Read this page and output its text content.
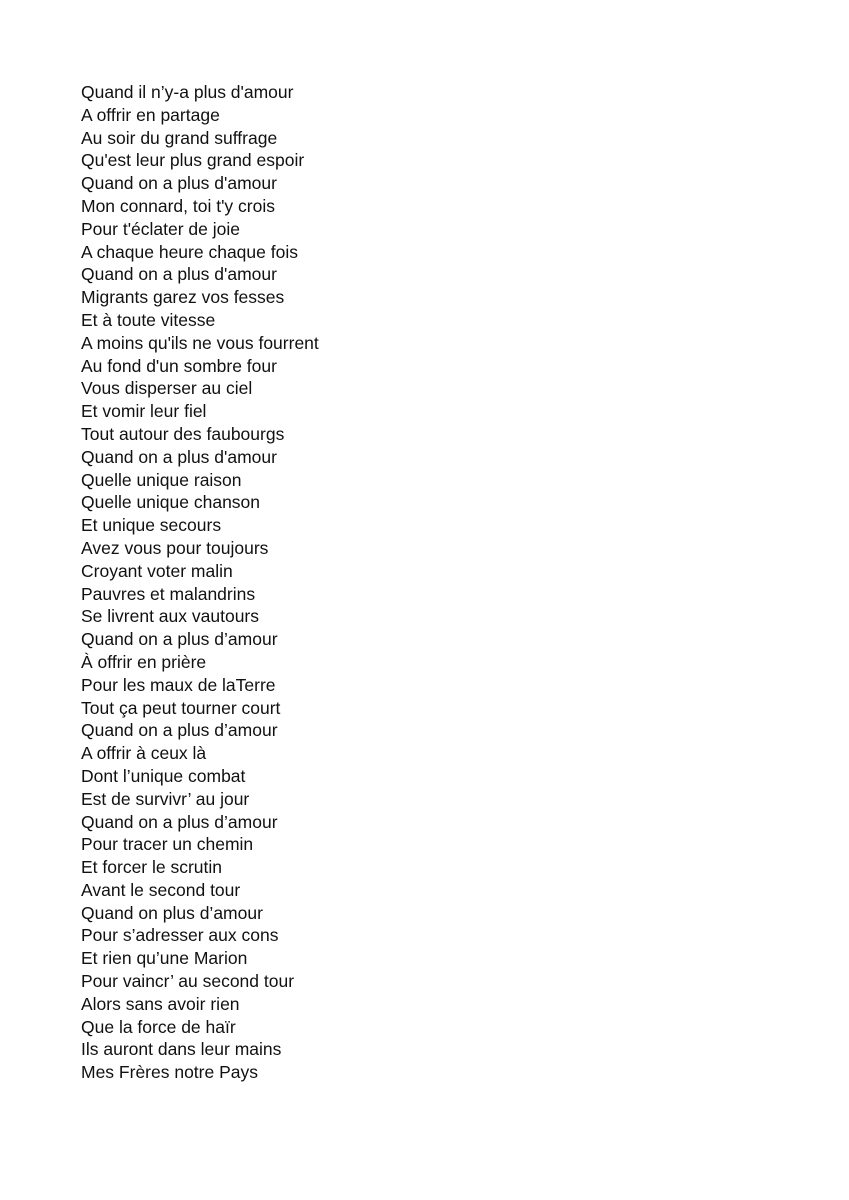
Quand il n’y-a plus d'amour
A offrir en partage
Au soir du grand suffrage
Qu'est leur plus grand espoir
Quand on a plus d'amour
Mon connard, toi t'y crois
Pour t'éclater de joie
A chaque heure chaque fois
Quand on a plus d'amour
Migrants garez vos fesses
Et à toute vitesse
A moins qu'ils ne vous fourrent
Au fond d'un sombre four
Vous disperser au ciel
Et vomir leur fiel
Tout autour des faubourgs
Quand on a plus d'amour
Quelle unique raison
Quelle unique chanson
Et unique secours
Avez vous pour toujours
Croyant voter malin
Pauvres et malandrins
Se livrent aux vautours
Quand on a plus d’amour
À offrir en prière
Pour les maux de laTerre
Tout ça peut tourner court
Quand on a plus d’amour
A offrir à ceux là
Dont l’unique combat
Est de survivr’ au jour
Quand on a plus d’amour
Pour tracer un chemin
Et forcer le scrutin
Avant le second tour
Quand on plus d’amour
Pour s’adresser aux cons
Et rien qu’une Marion
Pour vaincr’ au second tour
Alors sans avoir rien
Que la force de haïr
Ils auront dans leur mains
Mes Frères notre Pays
